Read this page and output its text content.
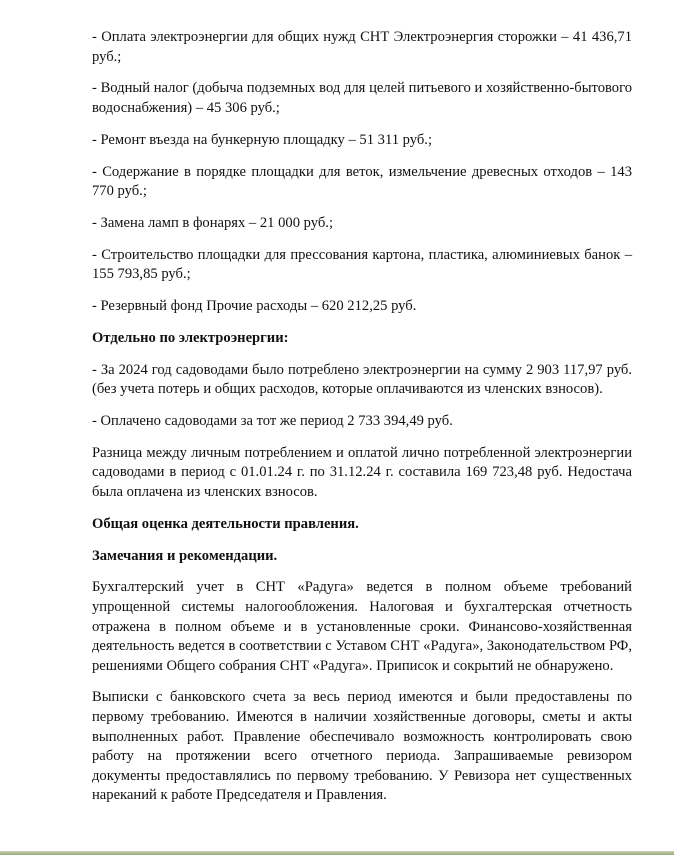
- Оплата электроэнергии для общих нужд СНТ Электроэнергия сторожки – 41 436,71 руб.;

- Водный налог (добыча подземных вод для целей питьевого и хозяйственно-бытового водоснабжения) – 45 306 руб.;

- Ремонт въезда на бункерную площадку – 51 311 руб.;

- Содержание в порядке площадки для веток, измельчение древесных отходов – 143 770 руб.;

- Замена ламп в фонарях – 21 000 руб.;

- Строительство площадки для прессования картона, пластика, алюминиевых банок – 155 793,85 руб.;

- Резервный фонд Прочие расходы – 620 212,25 руб.

Отдельно по электроэнергии:

- За 2024 год садоводами было потреблено электроэнергии на сумму 2 903 117,97 руб. (без учета потерь и общих расходов, которые оплачиваются из членских взносов).

- Оплачено садоводами за тот же период 2 733 394,49 руб.

Разница между личным потреблением и оплатой лично потребленной электроэнергии садоводами в период с 01.01.24 г. по 31.12.24 г. составила 169 723,48 руб. Недостача была оплачена из членских взносов.

Общая оценка деятельности правления.

Замечания и рекомендации.

Бухгалтерский учет в СНТ «Радуга» ведется в полном объеме требований упрощенной системы налогообложения. Налоговая и бухгалтерская отчетность отражена в полном объеме и в установленные сроки. Финансово-хозяйственная деятельность ведется в соответствии с Уставом СНТ «Радуга», Законодательством РФ, решениями Общего собрания СНТ «Радуга». Приписок и сокрытий не обнаружено.

Выписки с банковского счета за весь период имеются и были предоставлены по первому требованию. Имеются в наличии хозяйственные договоры, сметы и акты выполненных работ. Правление обеспечивало возможность контролировать свою работу на протяжении всего отчетного периода. Запрашиваемые ревизором документы предоставлялись по первому требованию. У Ревизора нет существенных нареканий к работе Председателя и Правления.
